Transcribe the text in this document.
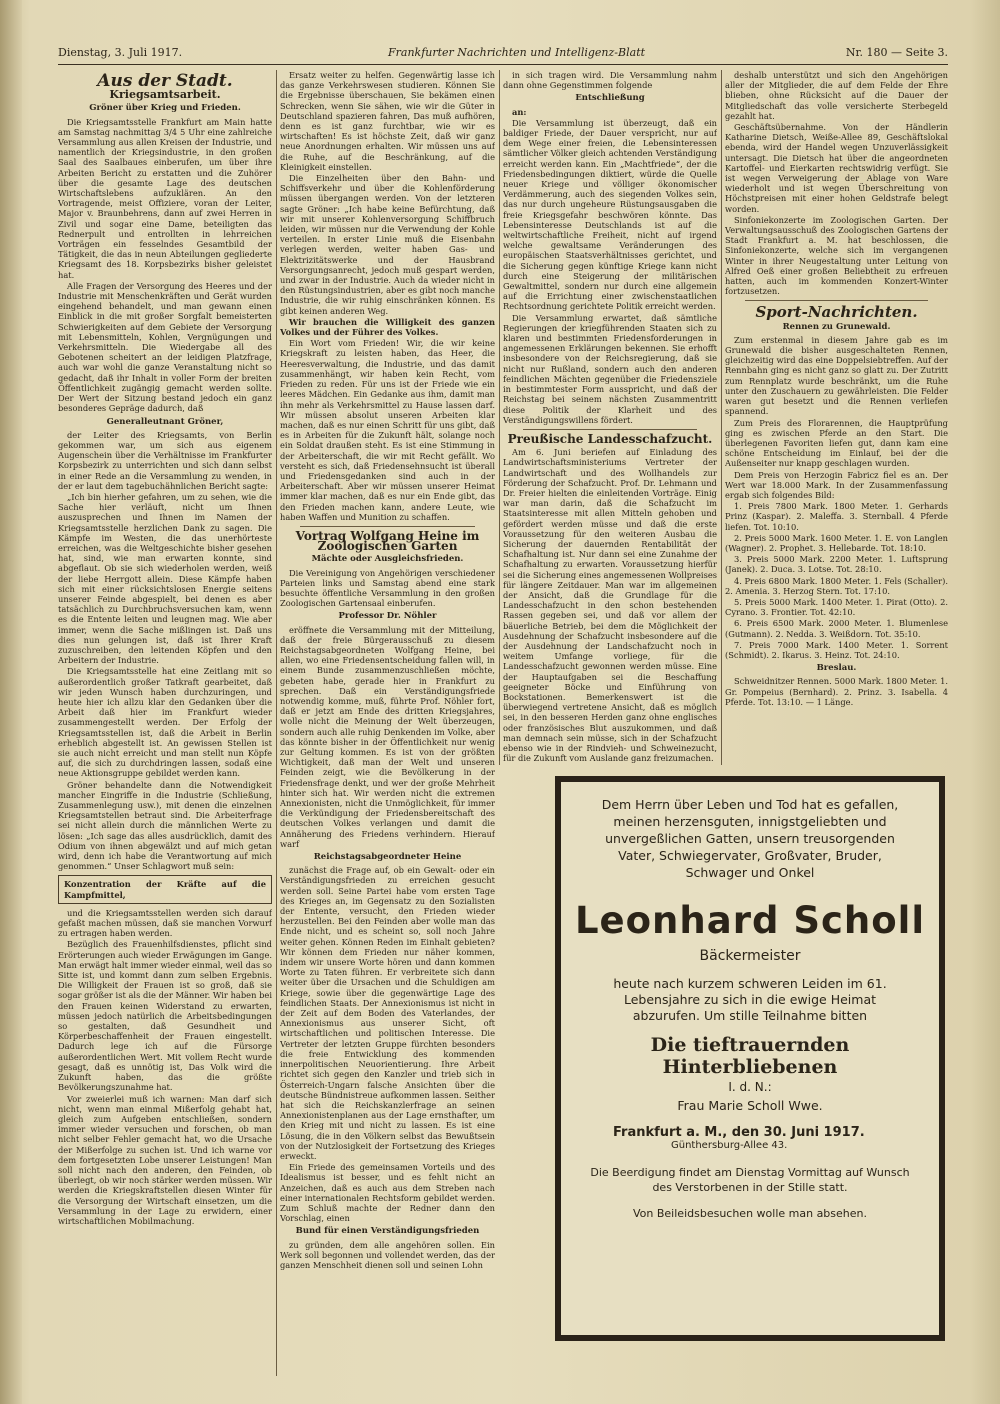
Dienstag, 3. Juli 1917.	Frankfurter Nachrichten und Intelligenz-Blatt	Nr. 180 — Seite 3.
Aus der Stadt.
Kriegsamtsarbeit.
Gröner über Krieg und Frieden.

Die Kriegsamtsstelle Frankfurt am Main hatte am Samstag nachmittag 3/4 5 Uhr eine zahlreiche Versammlung aus allen Kreisen der Industrie, und namentlich der Kriegsindustrie, in den großen Saal des Saalbaues einberufen, um über ihre Arbeiten Bericht zu erstatten und die Zuhörer über die gesamte Lage des deutschen Wirtschaftslebens aufzuklären. An den Vortragende, meist Offiziere, voran der Leiter, Major v. Braunbehrens, dann auf zwei Herren in Zivil und sogar eine Dame, beteiligten das Rednerpult und entrollten in lehrreichen Vorträgen ein fesselndes Gesamtbild der Tätigkeit, die das in neun Abteilungen gegliederte Kriegsamt des 18. Korpsbezirks bisher geleistet hat.

Alle Fragen der Versorgung des Heeres und der Industrie mit Menschenkräften und Gerät wurden eingehend behandelt, und man gewann einen Einblick in die mit großer Sorgfalt bemeisterten Schwierigkeiten auf dem Gebiete der Versorgung mit Lebensmitteln, Kohlen, Vergnügungen und Verkehrsmitteln. Die Wiedergabe all des Gebotenen scheitert an der leidigen Platzfrage, auch war wohl die ganze Veranstaltung nicht so gedacht, daß ihr Inhalt in voller Form der breiten Öffentlichkeit zugängig gemacht werden sollte. Der Wert der Sitzung bestand jedoch ein ganz besonderes Gepräge dadurch, daß

Generalleutnant Gröner,

der Leiter des Kriegsamts, von Berlin gekommen war, um sich aus eigenem Augenschein über die Verhältnisse im Frankfurter Korpsbezirk zu unterrichten und sich dann selbst in einer Rede an die Versammlung zu wenden, in der er laut dem tagebuchähnlichen Bericht sagte:

„Ich bin hierher gefahren, um zu sehen, wie die Sache hier verläuft, nicht um Ihnen auszusprechen und Ihnen im Namen der Kriegsamtsstelle herzlichen Dank zu sagen. Die Kämpfe im Westen, die das unerhörteste erreichen, was die Weltgeschichte bisher gesehen hat, sind, wie man erwarten konnte, sind abgeflaut. Ob sie sich wiederholen werden, weiß der liebe Herrgott allein. Diese Kämpfe haben sich mit einer rücksichtslosen Energie seitens unserer Feinde abgespielt, bei denen es aber tatsächlich zu Durchbruchsversuchen kam, wenn es die Entente leiten und leugnen mag. Wie aber immer, wenn die Sache mißlingen ist. Daß uns dies nun gelungen ist, daß ist Ihrer Kraft zuzuschreiben, den leitenden Köpfen und den Arbeitern der Industrie.

Die Kriegsamtsstelle hat eine Zeitlang mit so außerordentlich großer Tatkraft gearbeitet, daß wir jeden Wunsch haben durchzuringen, und heute hier ich allzu klar den Gedanken über die Arbeit daß hier im Frankfurt wieder zusammengestellt werden. Der Erfolg der Kriegsamtsstellen ist, daß die Arbeit in Berlin erheblich abgestellt ist. An gewissen Stellen ist sie auch nicht erreicht und man stellt nun Köpfe auf, die sich zu durchdringen lassen, sodaß eine neue Aktionsgruppe gebildet werden kann.

Gröner behandelte dann die Notwendigkeit mancher Eingriffe in die Industrie (Schließung, Zusammenlegung usw.), mit denen die einzelnen Kriegsamtstellen betraut sind. Die Arbeiterfrage sei nicht allein durch die männlichen Werte zu lösen: „Ich sage das alles ausdrücklich, damit des Odium von ihnen abgewälzt und auf mich getan wird, denn ich habe die Verantwortung auf mich genommen.“ Unser Schlagwort muß sein:

Konzentration der Kräfte auf die Kampfmittel,

und die Kriegsamtsstellen werden sich darauf gefaßt machen müssen, daß sie manchen Vorwurf zu ertragen haben werden.

Bezüglich des Frauenhilfsdienstes, pflicht sind Erörterungen auch wieder Erwägungen im Gange. Man erwägt halt immer wieder einmal, weil das so Sitte ist, und kommt dann zum selben Ergebnis. Die Willigkeit der Frauen ist so groß, daß sie sogar größer ist als die der Männer. Wir haben bei den Frauen keinen Widerstand zu erwarten, müssen jedoch natürlich die Arbeitsbedingungen so gestalten, daß Gesundheit und Körperbeschaffenheit der Frauen eingestellt. Dadurch lege ich auf die Fürsorge außerordentlichen Wert. Mit vollem Recht wurde gesagt, daß es unnötig ist, Das Volk wird die Zukunft haben, das die größte Bevölkerungszunahme hat.

Vor zweierlei muß ich warnen: Man darf sich nicht, wenn man einmal Mißerfolg gehabt hat, gleich zum Aufgeben entschließen, sondern immer wieder versuchen und forschen, ob man nicht selber Fehler gemacht hat, wo die Ursache der Mißerfolge zu suchen ist. Und ich warne vor dem fortgesetzten Lobe unserer Leistungen! Man soll nicht nach den anderen, den Feinden, ob überlegt, ob wir noch stärker werden müssen. Wir werden die Kriegskraftstellen diesen Winter für die Versorgung der Wirtschaft einsetzen, um die Versammlung in der Lage zu erwidern, einer wirtschaftlichen Mobilmachung.

Ersatz weiter zu helfen. Gegenwärtig lasse ich das ganze Verkehrswesen studieren. Können Sie die Ergebnisse überschauen, Sie bekämen einen Schrecken, wenn Sie sähen, wie wir die Güter in Deutschland spazieren fahren, Das muß aufhören, denn es ist ganz furchtbar, wie wir es wirtschaften! Es ist höchste Zeit, daß wir ganz neue Anordnungen erhalten. Wir müssen uns auf die Ruhe, auf die Beschränkung, auf die Kleinigkeit einstellen.

Die Einzelheiten über den Bahn- und Schiffsverkehr und über die Kohlenförderung müssen übergangen werden. Von der letzteren sagte Gröner: „Ich habe keine Befürchtung, daß wir mit unserer Kohlenversorgung Schiffbruch leiden, wir müssen nur die Verwendung der Kohle verteilen. In erster Linie muß die Eisenbahn verlegen werden, weiter haben Gas- und Elektrizitätswerke und der Hausbrand Versorgungsanrecht, jedoch muß gespart werden, und zwar in der Industrie. Auch da wieder nicht in den Rüstungsindustrien, aber es gibt noch manche Industrie, die wir ruhig einschränken können. Es gibt keinen anderen Weg.

Wir brauchen die Willigkeit des ganzen Volkes und der Führer des Volkes.

Ein Wort vom Frieden! Wir, die wir keine Kriegskraft zu leisten haben, das Heer, die Heeresverwaltung, die Industrie, und das damit zusammenhängt, wir haben kein Recht, vom Frieden zu reden. Für uns ist der Friede wie ein leeres Mädchen. Ein Gedanke aus ihm, damit man ihn mehr als Verkehrsmittel zu Hause lassen darf. Wir müssen absolut unseren Arbeiten klar machen, daß es nur einen Schritt für uns gibt, daß es in Arbeiten für die Zukunft hält, solange noch ein Soldat draußen steht. Es ist eine Stimmung in der Arbeiterschaft, die wir mit Recht gefällt. Wo versteht es sich, daß Friedensehnsucht ist überall und Friedensgedanken sind auch in der Arbeiterschaft. Aber wir müssen unserer Heimat immer klar machen, daß es nur ein Ende gibt, das den Frieden machen kann, andere Leute, wie haben Waffen und Munition zu schaffen.

Vortrag Wolfgang Heine im Zoologischen Garten
Mächte oder Ausgleichsfrieden.

Die Vereinigung von Angehörigen verschiedener Parteien links und Samstag abend eine stark besuchte öffentliche Versammlung in den großen Zoologischen Gartensaal einberufen.

Professor Dr. Nöhler

eröffnete die Versammlung mit der Mitteilung, daß der freie Bürgerausschuß zu diesem Reichstagsabgeordneten Wolfgang Heine, bei allen, wo eine Friedensentscheidung fallen will, in einem Bunde zusammenzuschließen möchte, gebeten habe, gerade hier in Frankfurt zu sprechen. Daß ein Verständigungsfriede notwendig komme, muß, führte Prof. Nöhler fort, daß er jetzt am Ende des dritten Kriegsjahres, wolle nicht die Meinung der Welt überzeugen, sondern auch alle ruhig Denkenden im Volke, aber das könnte bisher in der Öffentlichkeit nur wenig zur Geltung kommen. Es ist von der größten Wichtigkeit, daß man der Welt und unseren Feinden zeigt, wie die Bevölkerung in der Friedensfrage denkt, und wer der große Mehrheit hinter sich hat. Wir werden nicht die extremen Annexionisten, nicht die Unmöglichkeit, für immer die Verkündigung der Friedensbereitschaft des deutschen Volkes verlangen und damit die Annäherung des Friedens verhindern. Hierauf warf

Reichstagsabgeordneter Heine

zunächst die Frage auf, ob ein Gewalt- oder ein Verständigungsfrieden zu erreichen gesucht werden soll. Seine Partei habe vom ersten Tage des Krieges an, im Gegensatz zu den Sozialisten der Entente, versucht, den Frieden wieder herzustellen. Bei den Feinden aber wolle man das Ende nicht, und es scheint so, soll noch Jahre weiter gehen. Können Reden im Einhalt gebieten? Wir können dem Frieden nur näher kommen, indem wir unsere Worte hören und dann kommen Worte zu Taten führen. Er verbreitete sich dann weiter über die Ursachen und die Schuldigen am Kriege, sowie über die gegenwärtige Lage des feindlichen Staats. Der Annexionismus ist nicht in der Zeit auf dem Boden des Vaterlandes, der Annexionismus aus unserer Sicht, oft wirtschaftlichen und politischen Interesse. Die Vertreter der letzten Gruppe fürchten besonders die freie Entwicklung des kommenden innerpolitischen Neuorientierung. Ihre Arbeit richtet sich gegen den Kanzler und trieb sich in Österreich-Ungarn falsche Ansichten über die deutsche Bündnistreue aufkommen lassen. Seither hat sich die Reichskanzlerfrage an seinen Annexionistenplanen aus der Lage ernsthafter, um den Krieg mit und nicht zu lassen. Es ist eine Lösung, die in den Völkern selbst das Bewußtsein von der Nutzlosigkeit der Fortsetzung des Krieges erweckt.

Ein Friede des gemeinsamen Vorteils und des Idealismus ist besser, und es fehlt nicht an Anzeichen, daß es auch aus dem Streben nach einer internationalen Rechtsform gebildet werden. Zum Schluß machte der Redner dann den Vorschlag, einen

Bund für einen Verständigungsfrieden

zu gründen, dem alle angehören sollen. Ein Werk soll begonnen und vollendet werden, das der ganzen Menschheit dienen soll und seinen Lohn

in sich tragen wird. Die Versammlung nahm dann ohne Gegenstimmen folgende

Entschließung

an:

Die Versammlung ist überzeugt, daß ein baldiger Friede, der Dauer verspricht, nur auf dem Wege einer freien, die Lebensinteressen sämtlicher Völker gleich achtenden Verständigung erreicht werden kann. Ein „Machtfriede“, der die Friedensbedingungen diktiert, würde die Quelle neuer Kriege und völliger ökonomischer Verdämmerung, auch des siegenden Volkes sein, das nur durch ungeheure Rüstungsausgaben die freie Kriegsgefahr beschwören könnte. Das Lebensinteresse Deutschlands ist auf die weltwirtschaftliche Freiheit, nicht auf irgend welche gewaltsame Veränderungen des europäischen Staatsverhältnisses gerichtet, und die Sicherung gegen künftige Kriege kann nicht durch eine Steigerung der militärischen Gewaltmittel, sondern nur durch eine allgemein auf die Errichtung einer zwischenstaatlichen Rechtsordnung gerichtete Politik erreicht werden.

Die Versammlung erwartet, daß sämtliche Regierungen der kriegführenden Staaten sich zu klaren und bestimmten Friedensforderungen in angemessenen Erklärungen bekennen. Sie erhofft insbesondere von der Reichsregierung, daß sie nicht nur Rußland, sondern auch den anderen feindlichen Mächten gegenüber die Friedensziele in bestimmtester Form ausspricht, und daß der Reichstag bei seinem nächsten Zusammentritt diese Politik der Klarheit und des Verständigungswillens fördert.

Preußische Landesschafzucht.

Am 6. Juni beriefen auf Einladung des Landwirtschaftsministeriums Vertreter der Landwirtschaft und des Wollhandels zur Förderung der Schafzucht. Prof. Dr. Lehmann und Dr. Freier hielten die einleitenden Vorträge. Einig war man darin, daß die Schafzucht im Staatsinteresse mit allen Mitteln gehoben und gefördert werden müsse und daß die erste Voraussetzung für den weiteren Ausbau die Sicherung der dauernden Rentabilität der Schafhaltung ist. Nur dann sei eine Zunahme der Schafhaltung zu erwarten. Voraussetzung hierfür sei die Sicherung eines angemessenen Wollpreises für längere Zeitdauer. Man war im allgemeinen der Ansicht, daß die Grundlage für die Landesschafzucht in den schon bestehenden Rassen gegeben sei, und daß vor allem der bäuerliche Betrieb, bei dem die Möglichkeit der Ausdehnung der Schafzucht insbesondere auf die der Ausdehnung der Landschafzucht noch in weitem Umfange vorliege, für die Landesschafzucht gewonnen werden müsse. Eine der Hauptaufgaben sei die Beschaffung geeigneter Böcke und Einführung von Bockstationen. Bemerkenswert ist die überwiegend vertretene Ansicht, daß es möglich sei, in den besseren Herden ganz ohne englisches oder französisches Blut auszukommen, und daß man demnach sein müsse, sich in der Schafzucht ebenso wie in der Rindvieh- und Schweinezucht, für die Zukunft vom Auslande ganz freizumachen.

deshalb unterstützt und sich den Angehörigen aller der Mitglieder, die auf dem Felde der Ehre blieben, ohne Rücksicht auf die Dauer der Mitgliedschaft das volle versicherte Sterbegeld gezahlt hat.

Geschäftsübernahme. Von der Händlerin Katharine Dietsch, Weiße-Allee 89, Geschäftslokal ebenda, wird der Handel wegen Unzuverlässigkeit untersagt. Die Dietsch hat über die angeordneten Kartoffel- und Eierkarten rechtswidrig verfügt. Sie ist wegen Verweigerung der Ablage von Ware wiederholt und ist wegen Überschreitung von Höchstpreisen mit einer hohen Geldstrafe belegt worden.

Sinfoniekonzerte im Zoologischen Garten. Der Verwaltungsausschuß des Zoologischen Gartens der Stadt Frankfurt a. M. hat beschlossen, die Sinfoniekonzerte, welche sich im vergangenen Winter in ihrer Neugestaltung unter Leitung von Alfred Oeß einer großen Beliebtheit zu erfreuen hatten, auch im kommenden Konzert-Winter fortzusetzen.

Sport-Nachrichten.
Rennen zu Grunewald.

Zum erstenmal in diesem Jahre gab es im Grunewald die bisher ausgeschalteten Rennen, gleichzeitig wird das eine Doppelsiebtreffen. Auf der Rennbahn ging es nicht ganz so glatt zu. Der Zutritt zum Rennplatz wurde beschränkt, um die Ruhe unter den Zuschauern zu gewährleisten. Die Felder waren gut besetzt und die Rennen verliefen spannend.

Zum Preis des Florarennen, die Hauptprüfung ging es zwischen Pferde an den Start. Die überlegenen Favoriten liefen gut, dann kam eine schöne Entscheidung im Einlauf, bei der die Außenseiter nur knapp geschlagen wurden.

Dem Preis von Herzogin Fabricz fiel es an. Der Wert war 18.000 Mark. In der Zusammenfassung ergab sich folgendes Bild:

1. Preis 7800 Mark. 1800 Meter. 1. Gerhards Prinz (Kaspar). 2. Maleffa. 3. Sternball. 4 Pferde liefen. Tot. 10:10.

2. Preis 5000 Mark. 1600 Meter. 1. E. von Langlen (Wagner). 2. Prophet. 3. Hellebarde. Tot. 18:10.

3. Preis 5000 Mark. 2200 Meter. 1. Luftsprung (Janek). 2. Duca. 3. Lotse. Tot. 28:10.

4. Preis 6800 Mark. 1800 Meter. 1. Fels (Schaller). 2. Amenia. 3. Herzog Stern. Tot. 17:10.

5. Preis 5000 Mark. 1400 Meter. 1. Pirat (Otto). 2. Cyrano. 3. Frontier. Tot. 42:10.

6. Preis 6500 Mark. 2000 Meter. 1. Blumenlese (Gutmann). 2. Nedda. 3. Weißdorn. Tot. 35:10.

7. Preis 7000 Mark. 1400 Meter. 1. Sorrent (Schmidt). 2. Ikarus. 3. Heinz. Tot. 24:10.

Breslau.

Schweidnitzer Rennen. 5000 Mark. 1800 Meter. 1. Gr. Pompeius (Bernhard). 2. Prinz. 3. Isabella. 4 Pferde. Tot. 13:10. — 1 Länge.

Dem Herrn über Leben und Tod hat es gefallen, meinen herzensguten, innigstgeliebten und unvergeßlichen Gatten, unsern treusorgenden Vater, Schwiegervater, Großvater, Bruder, Schwager und Onkel
Leonhard Scholl
Bäckermeister
heute nach kurzem schweren Leiden im 61. Lebensjahre zu sich in die ewige Heimat abzurufen. Um stille Teilnahme bitten
Die tieftrauernden Hinterbliebenen
I. d. N.:
Frau Marie Scholl Wwe.
Frankfurt a. M., den 30. Juni 1917.
Günthersburg-Allee 43.
Die Beerdigung findet am Dienstag Vormittag auf Wunsch des Verstorbenen in der Stille statt.
Von Beileidsbesuchen wolle man absehen.
